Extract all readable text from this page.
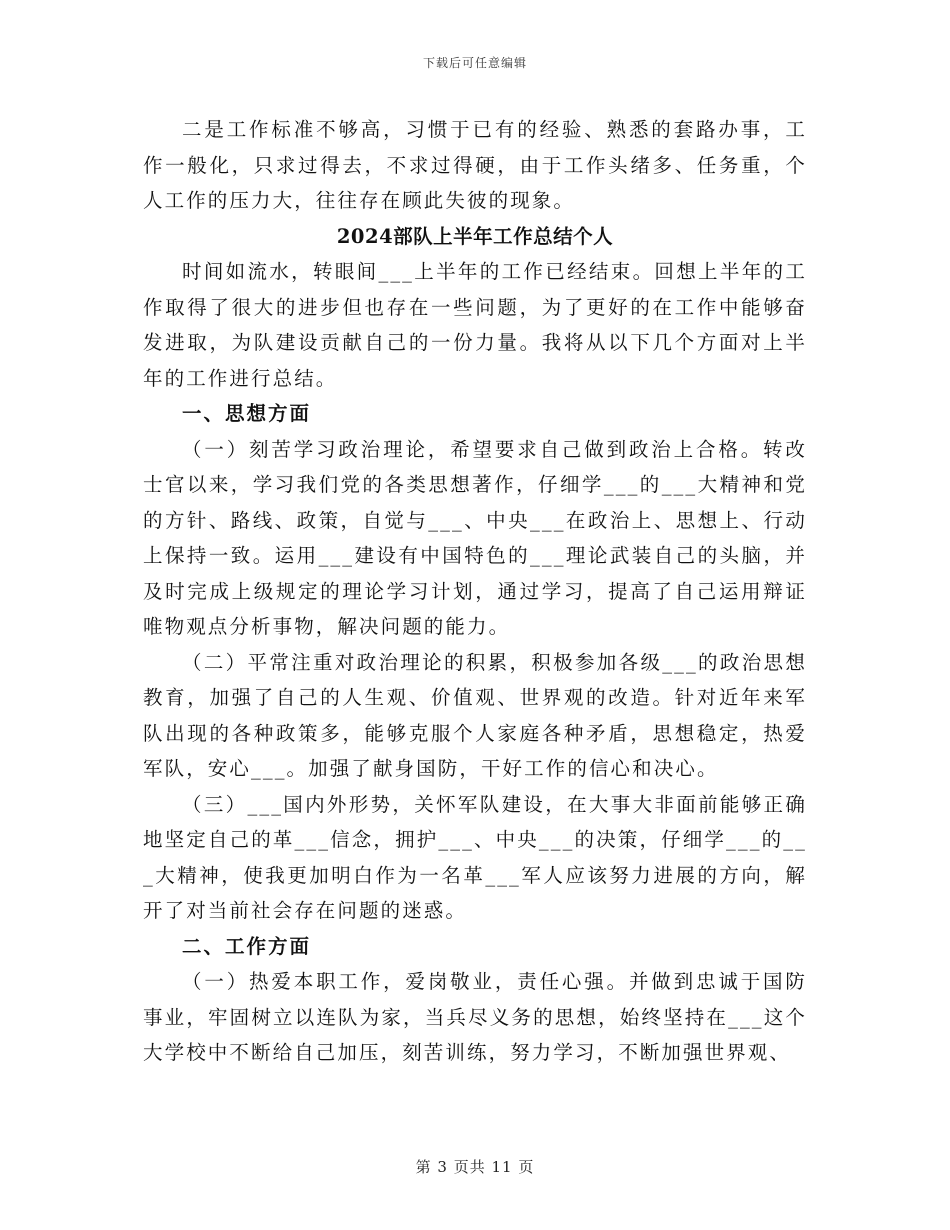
下载后可任意编辑

二是工作标准不够高，习惯于已有的经验、熟悉的套路办事，工作一般化，只求过得去，不求过得硬，由于工作头绪多、任务重，个人工作的压力大，往往存在顾此失彼的现象。

2024部队上半年工作总结个人

时间如流水，转眼间___上半年的工作已经结束。回想上半年的工作取得了很大的进步但也存在一些问题，为了更好的在工作中能够奋发进取，为队建设贡献自己的一份力量。我将从以下几个方面对上半年的工作进行总结。

一、思想方面

（一）刻苦学习政治理论，希望要求自己做到政治上合格。转改士官以来，学习我们党的各类思想著作，仔细学___的___大精神和党的方针、路线、政策，自觉与___、中央___在政治上、思想上、行动上保持一致。运用___建设有中国特色的___理论武装自己的头脑，并及时完成上级规定的理论学习计划，通过学习，提高了自己运用辩证唯物观点分析事物，解决问题的能力。

（二）平常注重对政治理论的积累，积极参加各级___的政治思想教育，加强了自己的人生观、价值观、世界观的改造。针对近年来军队出现的各种政策多，能够克服个人家庭各种矛盾，思想稳定，热爱军队，安心___。加强了献身国防，干好工作的信心和决心。

（三）___国内外形势，关怀军队建设，在大事大非面前能够正确地坚定自己的革___信念，拥护___、中央___的决策，仔细学___的___大精神，使我更加明白作为一名革___军人应该努力进展的方向，解开了对当前社会存在问题的迷惑。

二、工作方面

（一）热爱本职工作，爱岗敬业，责任心强。并做到忠诚于国防事业，牢固树立以连队为家，当兵尽义务的思想，始终坚持在___这个大学校中不断给自己加压，刻苦训练，努力学习，不断加强世界观、

第 3 页共 11 页
